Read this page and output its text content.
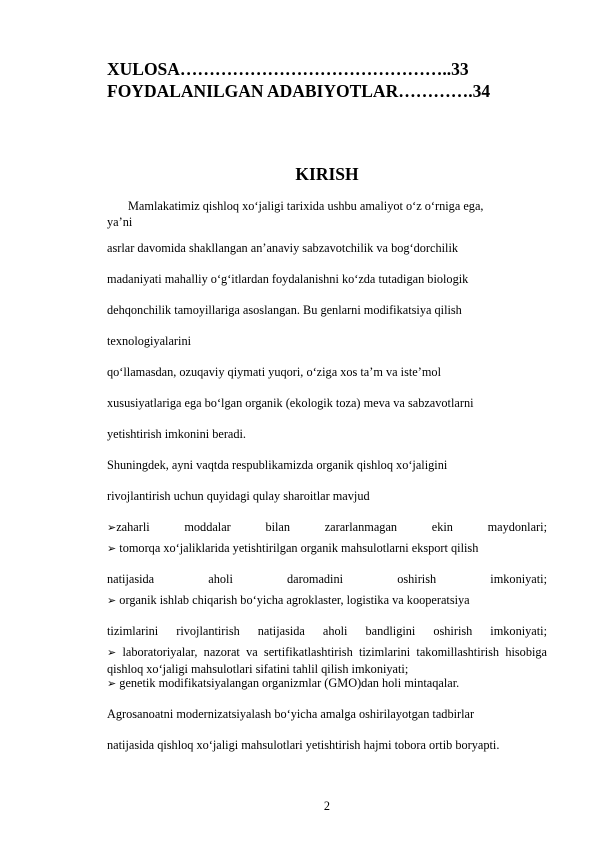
XULOSA………………………………………..33
FOYDALANILGAN ADABIYOTLAR………….34
KIRISH
Mamlakatimiz qishloq xo‘jaligi tarixida ushbu amaliyot o‘z o‘rniga ega,
ya’ni
asrlar davomida shakllangan an’anaviy sabzavotchilik va bog‘dorchilik
madaniyati mahalliy o‘g‘itlardan foydalanishni ko‘zda tutadigan biologik
dehqonchilik tamoyillariga asoslangan. Bu genlarni modifikatsiya qilish
texnologiyalarini
qo‘llamasdan, ozuqaviy qiymati yuqori, o‘ziga xos ta’m va iste’mol
xususiyatlariga ega bo‘lgan organik (ekologik toza) meva va sabzavotlarni
yetishtirish imkonini beradi.
Shuningdek, ayni vaqtda respublikamizda organik qishloq xo‘jaligini
rivojlantirish uchun quyidagi qulay sharoitlar mavjud
➢zaharli moddalar bilan zararlanmagan ekin maydonlari;
➢ tomorqa xo‘jaliklarida yetishtirilgan organik mahsulotlarni eksport qilish
natijasida aholi daromadini oshirish imkoniyati;
➢ organik ishlab chiqarish bo‘yicha agroklaster, logistika va kooperatsiya
tizimlarini rivojlantirish natijasida aholi bandligini oshirish imkoniyati;
➢ laboratoriyalar, nazorat va sertifikatlashtirish tizimlarini takomillashtirish hisobiga qishloq xo‘jaligi mahsulotlari sifatini tahlil qilish imkoniyati;
➢ genetik modifikatsiyalangan organizmlar (GMO)dan holi mintaqalar.
Agrosanoatni modernizatsiyalash bo‘yicha amalga oshirilayotgan tadbirlar
natijasida qishloq xo‘jaligi mahsulotlari yetishtirish hajmi tobora ortib boryapti.
2
